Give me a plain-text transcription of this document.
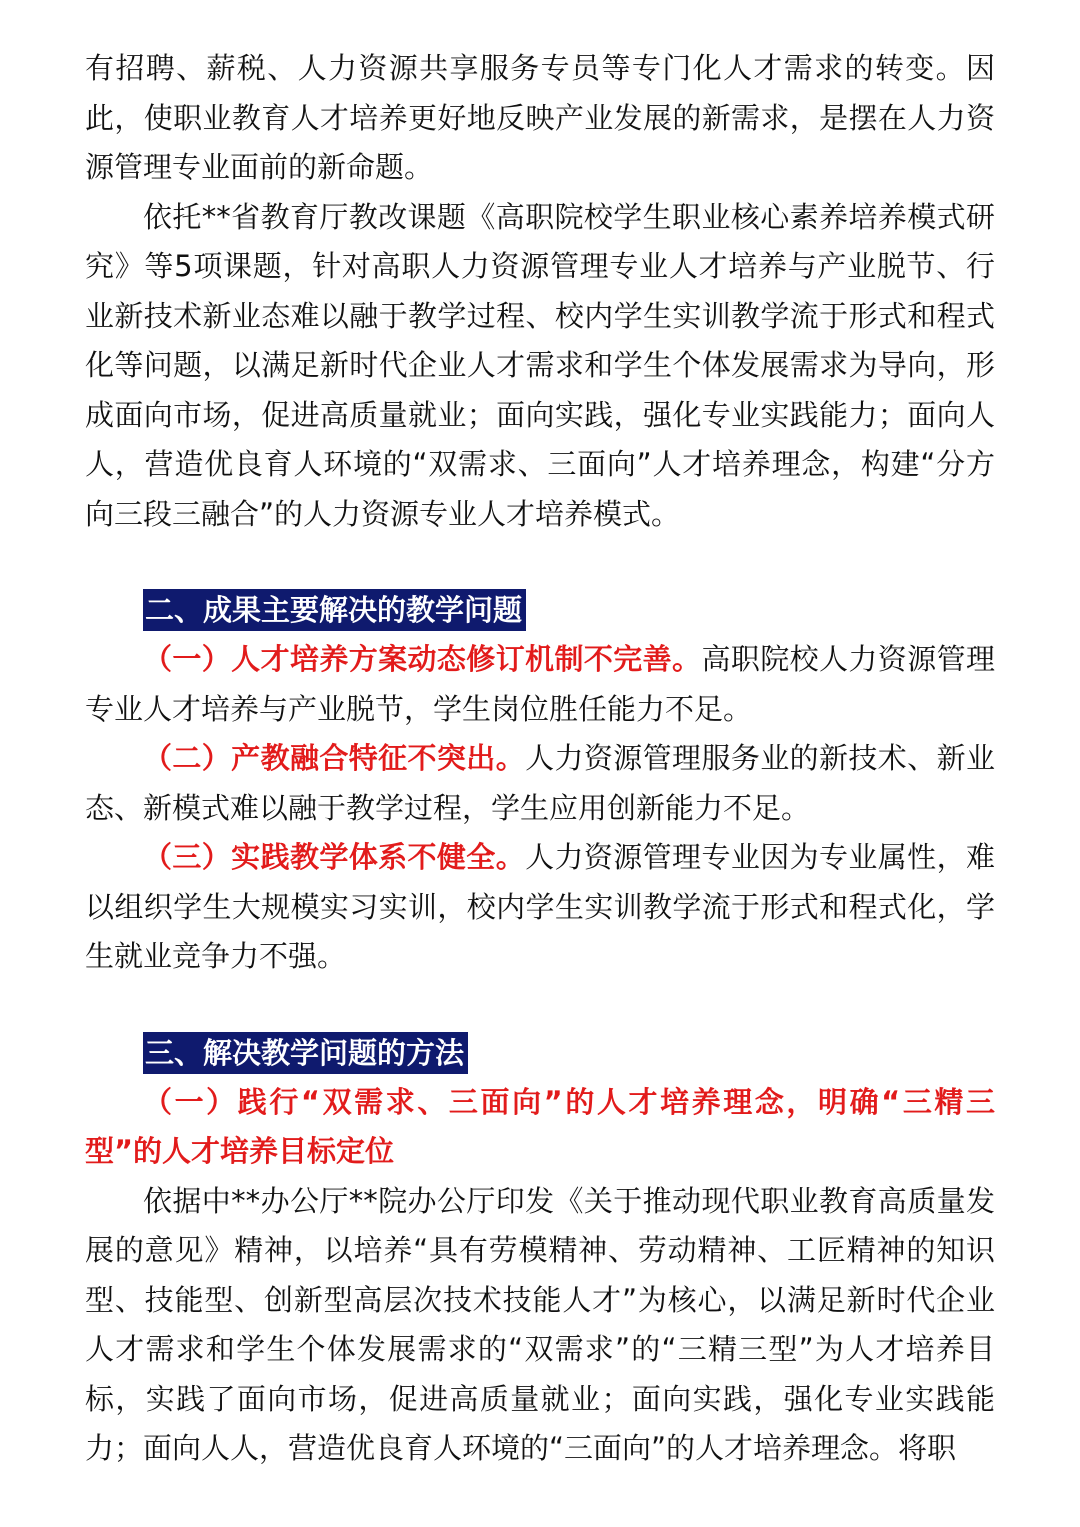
有招聘、薪税、人力资源共享服务专员等专门化人才需求的转变。因此，使职业教育人才培养更好地反映产业发展的新需求，是摆在人力资源管理专业面前的新命题。

依托**省教育厅教改课题《高职院校学生职业核心素养培养模式研究》等5项课题，针对高职人力资源管理专业人才培养与产业脱节、行业新技术新业态难以融于教学过程、校内学生实训教学流于形式和程式化等问题，以满足新时代企业人才需求和学生个体发展需求为导向，形成面向市场，促进高质量就业；面向实践，强化专业实践能力；面向人人，营造优良育人环境的“双需求、三面向”人才培养理念，构建“分方向三段三融合”的人力资源专业人才培养模式。

二、成果主要解决的教学问题

（一）人才培养方案动态修订机制不完善。高职院校人力资源管理专业人才培养与产业脱节，学生岗位胜任能力不足。

（二）产教融合特征不突出。人力资源管理服务业的新技术、新业态、新模式难以融于教学过程，学生应用创新能力不足。

（三）实践教学体系不健全。人力资源管理专业因为专业属性，难以组织学生大规模实习实训，校内学生实训教学流于形式和程式化，学生就业竞争力不强。

三、解决教学问题的方法

（一）践行“双需求、三面向”的人才培养理念，明确“三精三型”的人才培养目标定位

依据中**办公厅**院办公厅印发《关于推动现代职业教育高质量发展的意见》精神，以培养“具有劳模精神、劳动精神、工匠精神的知识型、技能型、创新型高层次技术技能人才”为核心，以满足新时代企业人才需求和学生个体发展需求的“双需求”的“三精三型”为人才培养目标，实践了面向市场，促进高质量就业；面向实践，强化专业实践能力；面向人人，营造优良育人环境的“三面向”的人才培养理念。将职
